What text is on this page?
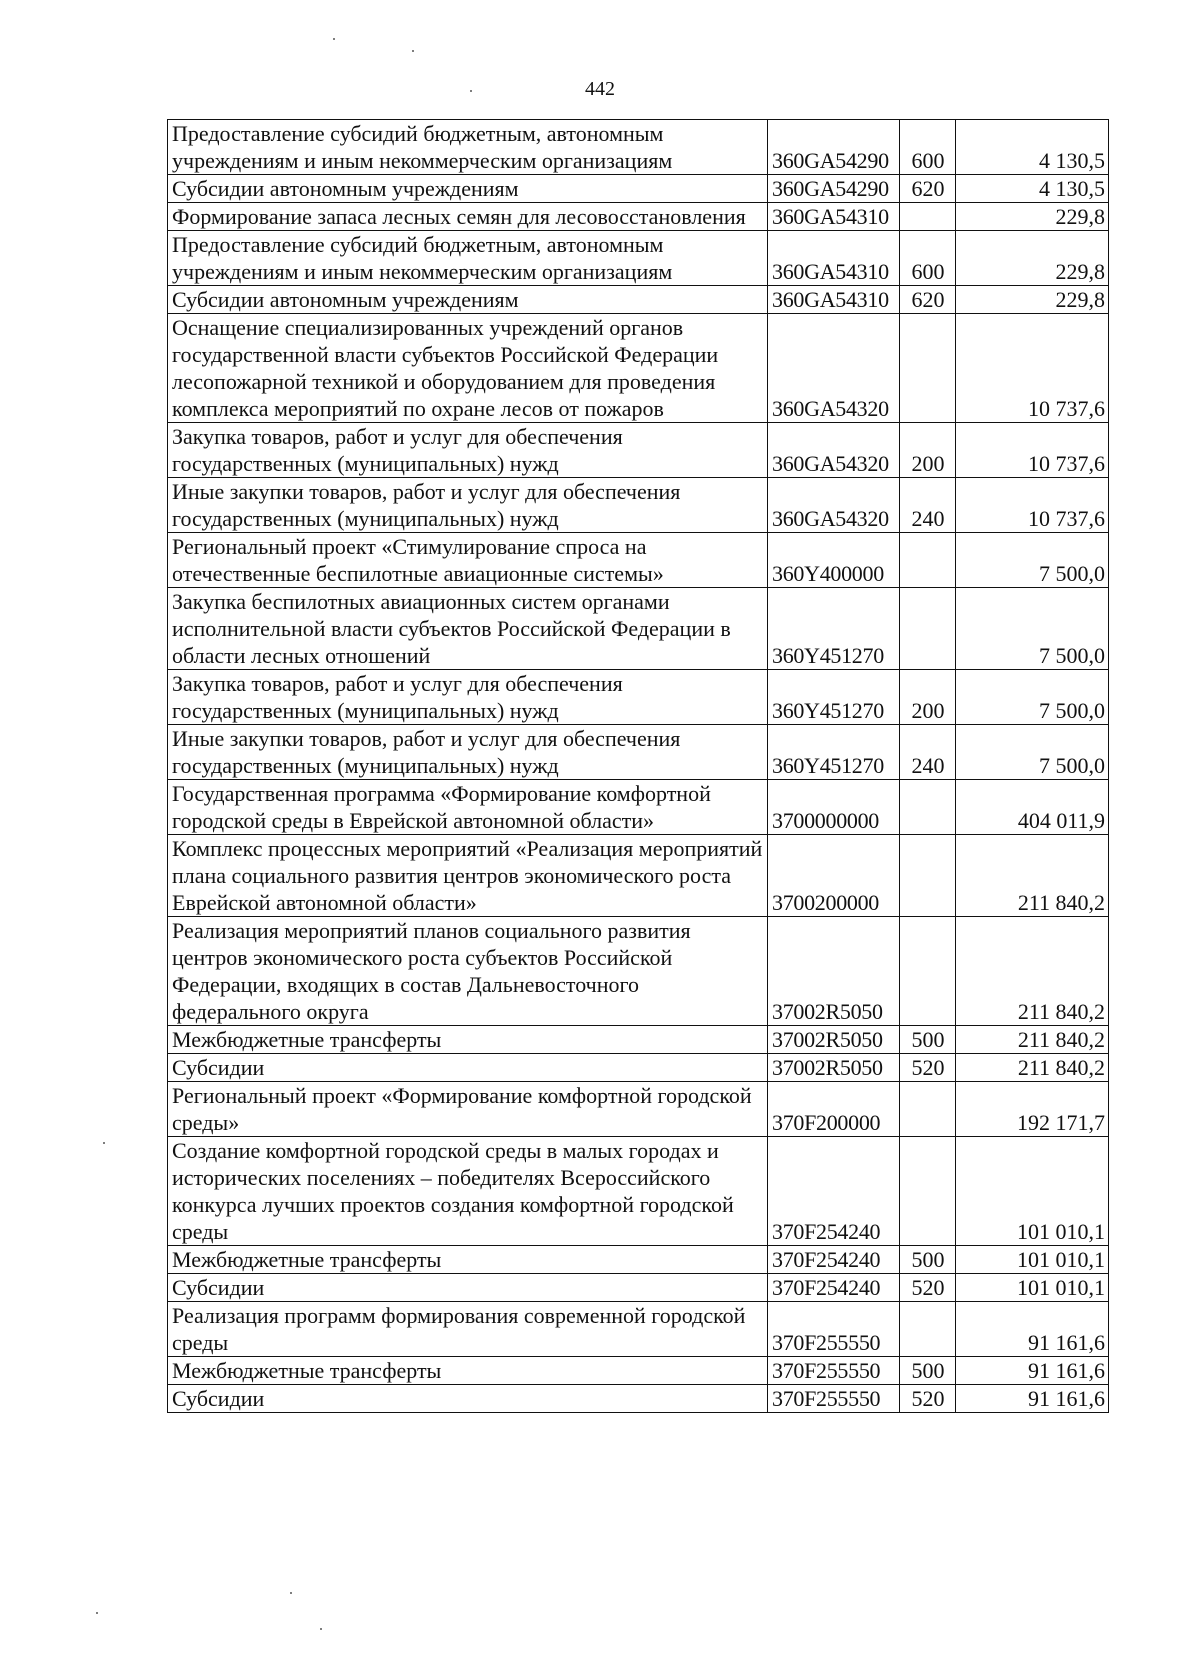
442
Предоставление субсидий бюджетным, автономным учреждениям и иным некоммерческим организациям	360GA54290	600	4 130,5
Субсидии автономным учреждениям	360GA54290	620	4 130,5
Формирование запаса лесных семян для лесовосстановления	360GA54310		229,8
Предоставление субсидий бюджетным, автономным учреждениям и иным некоммерческим организациям	360GA54310	600	229,8
Субсидии автономным учреждениям	360GA54310	620	229,8
Оснащение специализированных учреждений органов государственной власти субъектов Российской Федерации лесопожарной техникой и оборудованием для проведения комплекса мероприятий по охране лесов от пожаров	360GA54320		10 737,6
Закупка товаров, работ и услуг для обеспечения государственных (муниципальных) нужд	360GA54320	200	10 737,6
Иные закупки товаров, работ и услуг для обеспечения государственных (муниципальных) нужд	360GA54320	240	10 737,6
Региональный проект «Стимулирование спроса на отечественные беспилотные авиационные системы»	360Y400000		7 500,0
Закупка беспилотных авиационных систем органами исполнительной власти субъектов Российской Федерации в области лесных отношений	360Y451270		7 500,0
Закупка товаров, работ и услуг для обеспечения государственных (муниципальных) нужд	360Y451270	200	7 500,0
Иные закупки товаров, работ и услуг для обеспечения государственных (муниципальных) нужд	360Y451270	240	7 500,0
Государственная программа «Формирование комфортной городской среды в Еврейской автономной области»	3700000000		404 011,9
Комплекс процессных мероприятий «Реализация мероприятий плана социального развития центров экономического роста Еврейской автономной области»	3700200000		211 840,2
Реализация мероприятий планов социального развития центров экономического роста субъектов Российской Федерации, входящих в состав Дальневосточного федерального округа	37002R5050		211 840,2
Межбюджетные трансферты	37002R5050	500	211 840,2
Субсидии	37002R5050	520	211 840,2
Региональный проект «Формирование комфортной городской среды»	370F200000		192 171,7
Создание комфортной городской среды в малых городах и исторических поселениях – победителях Всероссийского конкурса лучших проектов создания комфортной городской среды	370F254240		101 010,1
Межбюджетные трансферты	370F254240	500	101 010,1
Субсидии	370F254240	520	101 010,1
Реализация программ формирования современной городской среды	370F255550		91 161,6
Межбюджетные трансферты	370F255550	500	91 161,6
Субсидии	370F255550	520	91 161,6
